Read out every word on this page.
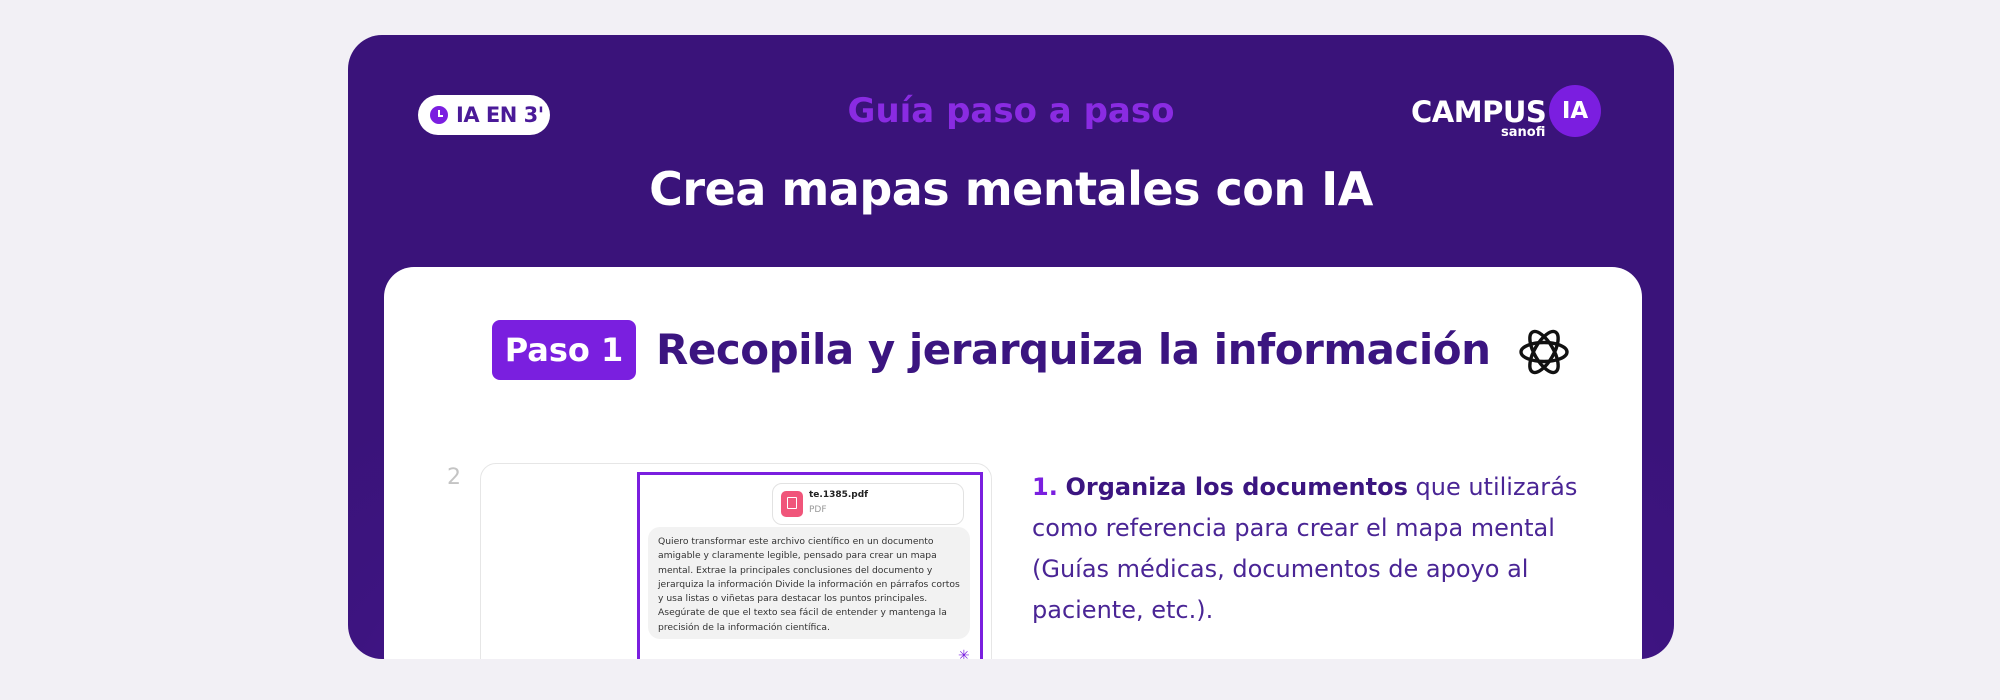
IA EN 3'	Guía paso a paso	CAMPUS
sanofi
IA
Crea mapas mentales con IA
Paso 1 Recopila y jerarquiza la información
2
te.1385.pdf
PDF
Quiero transformar este archivo científico en un documento amigable y claramente legible, pensado para crear un mapa mental. Extrae la principales conclusiones del documento y jerarquiza la información Divide la información en párrafos cortos y usa listas o viñetas para destacar los puntos principales. Asegúrate de que el texto sea fácil de entender y mantenga la precisión de la información científica.
✳
1. Organiza los documentos que utilizarás como referencia para crear el mapa mental (Guías médicas, documentos de apoyo al paciente, etc.).
